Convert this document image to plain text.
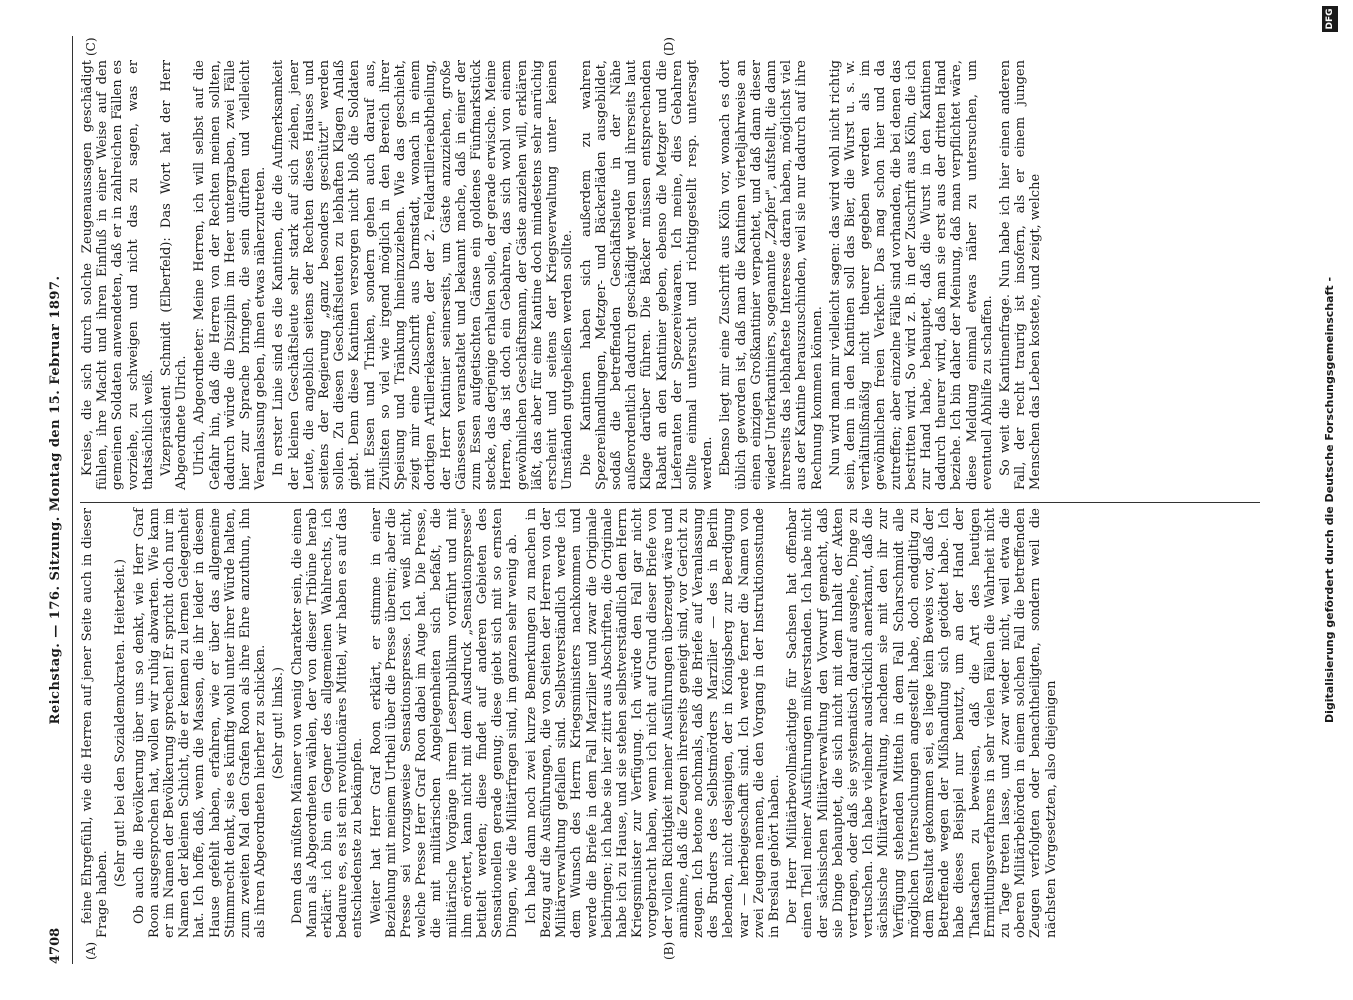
4708
Reichstag. — 176. Sitzung. Montag den 15. Februar 1897.
(A)	(B)
(C)	(D)

feine Ehrgefühl, wie die Herren auf jener Seite auch in dieser Frage haben.

(Sehr gut! bei den Sozialdemokraten. Heiterkeit.) Ob auch die Bevölkerung über uns so denkt, wie Herr Graf Roon ausgesprochen hat, wollen wir ruhig abwarten. Wie kann er im Namen der Bevölkerung sprechen! Er spricht doch nur im Namen der kleinen Schicht, die er kennen zu lernen Gelegenheit hat. Ich hoffe, daß, wenn die Massen, die ihr leider in diesem Hause gefehlt haben, erfahren, wie er über das allgemeine Stimmrecht denkt, sie es künftig wohl unter ihrer Würde halten, zum zweiten Mal den Grafen Roon als ihre Ehre anzuthun, ihn als ihren Abgeordneten hierher zu schicken. (Sehr gut! links.) Denn das müßten Männer von wenig Charakter sein, die einen Mann als Abgeordneten wählen, der von dieser Tribüne herab erklärt: ich bin ein Gegner des allgemeinen Wahlrechts, ich bedaure es, es ist ein revolutionäres Mittel, wir haben es auf das entschiedenste zu bekämpfen. Weiter hat Herr Graf Roon erklärt, er stimme in einer Beziehung mit meinem Urtheil über die Presse überein; aber die Presse sei vorzugsweise Sensationspresse. Ich weiß nicht, welche Presse Herr Graf Roon dabei im Auge hat. Die Presse, die mit militärischen Angelegenheiten sich befaßt, die militärische Vorgänge ihrem Leserpublikum vorführt und mit ihm erörtert, kann nicht mit dem Ausdruck „Sensationspresse" betitelt werden; diese findet auf anderen Gebieten des Sensationellen gerade genug; diese giebt sich mit so ernsten Dingen, wie die Militärfragen sind, im ganzen sehr wenig ab. Ich habe dann noch zwei kurze Bemerkungen zu machen in Bezug auf die Ausführungen, die von Seiten der Herren von der Militärverwaltung gefallen sind. Selbstverständlich werde ich dem Wunsch des Herrn Kriegsministers nachkommen und werde die Briefe in dem Fall Marzilier und zwar die Originale beibringen; ich habe sie hier zitirt aus Abschriften, die Originale habe ich zu Hause, und sie stehen selbstverständlich dem Herrn Kriegsminister zur Verfügung. Ich würde den Fall gar nicht vorgebracht haben, wenn ich nicht auf Grund dieser Briefe von der vollen Richtigkeit meiner Ausführungen überzeugt wäre und annähme, daß die Zeugen ihrerseits geneigt sind, vor Gericht zu zeugen. Ich betone nochmals, daß die Briefe auf Veranlassung des Bruders des Selbstmörders Marzilier — des in Berlin lebenden, nicht desjenigen, der in Königsberg zur Beerdigung war — herbeigeschafft sind. Ich werde ferner die Namen von zwei Zeugen nennen, die den Vorgang in der Instruktionsstunde in Breslau gehört haben. Der Herr Militärbevollmächtigte für Sachsen hat offenbar einen Theil meiner Ausführungen mißverstanden. Ich habe nicht der sächsischen Militärverwaltung den Vorwurf gemacht, daß sie Dinge behauptet, die sich nicht mit dem Inhalt der Akten vertragen, oder daß sie systematisch darauf ausgehe, Dinge zu vertuschen. Ich habe vielmehr ausdrücklich anerkannt, daß die sächsische Militärverwaltung, nachdem sie mit den ihr zur Verfügung stehenden Mitteln in dem Fall Scharschmidt alle möglichen Untersuchungen angestellt habe, doch endgiltig zu dem Resultat gekommen sei, es liege kein Beweis vor, daß der Betreffende wegen der Mißhandlung sich getödtet habe. Ich habe dieses Beispiel nur benutzt, um an der Hand der Thatsachen zu beweisen, daß die Art des heutigen Ermittlungsverfahrens in sehr vielen Fällen die Wahrheit nicht zu Tage treten lasse, und zwar wieder nicht, weil etwa die oberen Militärbehörden in einem solchen Fall die betreffenden Zeugen verfolgten oder benachtheiligten, sondern weil die nächsten Vorgesetzten, also diejenigen

Kreise, die sich durch solche Zeugenaussagen geschädigt fühlen, ihre Macht und ihren Einfluß in einer Weise auf den gemeinen Soldaten anwendeten, daß er in zahlreichen Fällen es vorziehe, zu schweigen und nicht das zu sagen, was er thatsächlich weiß. Vizepräsident Schmidt (Elberfeld): Das Wort hat der Herr Abgeordnete Ulrich. Ulrich, Abgeordneter: Meine Herren, ich will selbst auf die Gefahr hin, daß die Herren von der Rechten meinen sollten, dadurch würde die Disziplin im Heer untergraben, zwei Fälle hier zur Sprache bringen, die sein dürften und vielleicht Veranlassung geben, ihnen etwas näherzutreten. In erster Linie sind es die Kantinen, die die Aufmerksamkeit der kleinen Geschäftsleute sehr stark auf sich ziehen, jener Leute, die angeblich seitens der Rechten dieses Hauses und seitens der Regierung „ganz besonders geschützt" werden sollen. Zu diesen Geschäftsleuten zu lebhaften Klagen Anlaß giebt. Denn diese Kantinen versorgen nicht bloß die Soldaten mit Essen und Trinken, sondern gehen auch darauf aus, Zivilisten so viel wie irgend möglich in den Bereich ihrer Speisung und Tränkung hineinzuziehen. Wie das geschieht, zeigt mir eine Zuschrift aus Darmstadt, wonach in einem dortigen Artilleriekaserne, der der 2. Feldartillerieabtheilung, der Herr Kantinier seinerseits, um Gäste anzuziehen, große Gänsessen veranstaltet und bekannt mache, daß in einer der zum Essen aufgetischten Gänse ein goldenes Fünfmarkstück stecke, das derjenige erhalten solle, der gerade erwische. Meine Herren, das ist doch ein Gebahren, das sich wohl von einem gewöhnlichen Geschäftsmann, der Gäste anziehen will, erklären läßt, das aber für eine Kantine doch mindestens sehr anrüchig erscheint und seitens der Kriegsverwaltung unter keinen Umständen gutgeheißen werden sollte. Die Kantinen haben sich außerdem zu wahren Spezereihandlungen, Metzger- und Bäckerläden ausgebildet, sodaß die betreffenden Geschäftsleute in der Nähe außerordentlich dadurch geschädigt werden und ihrerseits laut Klage darüber führen. Die Bäcker müssen entsprechenden Rabatt an den Kantinier geben, ebenso die Metzger und die Lieferanten der Spezereiwaaren. Ich meine, dies Gebahren sollte einmal untersucht und richtiggestellt resp. untersagt werden. Ebenso liegt mir eine Zuschrift aus Köln vor, wonach es dort üblich geworden ist, daß man die Kantinen vierteljahrweise an einen einzigen Großkantinier verpachtet, und daß dann dieser wieder Unterkantiniers, sogenannte „Zapfer", aufstellt, die dann ihrerseits das lebhafteste Interesse daran haben, möglichst viel aus der Kantine herauszuschinden, weil sie nur dadurch auf ihre Rechnung kommen können. Nun wird man mir vielleicht sagen: das wird wohl nicht richtig sein, denn in den Kantinen soll das Bier, die Wurst u. s. w. verhältnißmäßig nicht theurer gegeben werden als im gewöhnlichen freien Verkehr. Das mag schon hier und da zutreffen; aber einzelne Fälle sind vorhanden, die bei denen das bestritten wird. So wird z. B. in der Zuschrift aus Köln, die ich zur Hand habe, behauptet, daß die Wurst in den Kantinen dadurch theurer wird, daß man sie erst aus der dritten Hand beziehe. Ich bin daher der Meinung, daß man verpflichtet wäre, diese Meldung einmal etwas näher zu untersuchen, um eventuell Abhilfe zu schaffen. So weit die Kantinenfrage. Nun habe ich hier einen anderen Fall, der recht traurig ist insofern, als er einem jungen Menschen das Leben kostete, und zeigt, welche	Digitalisierung gefördert durch die Deutsche Forschungsgemeinschaft -
DFG
